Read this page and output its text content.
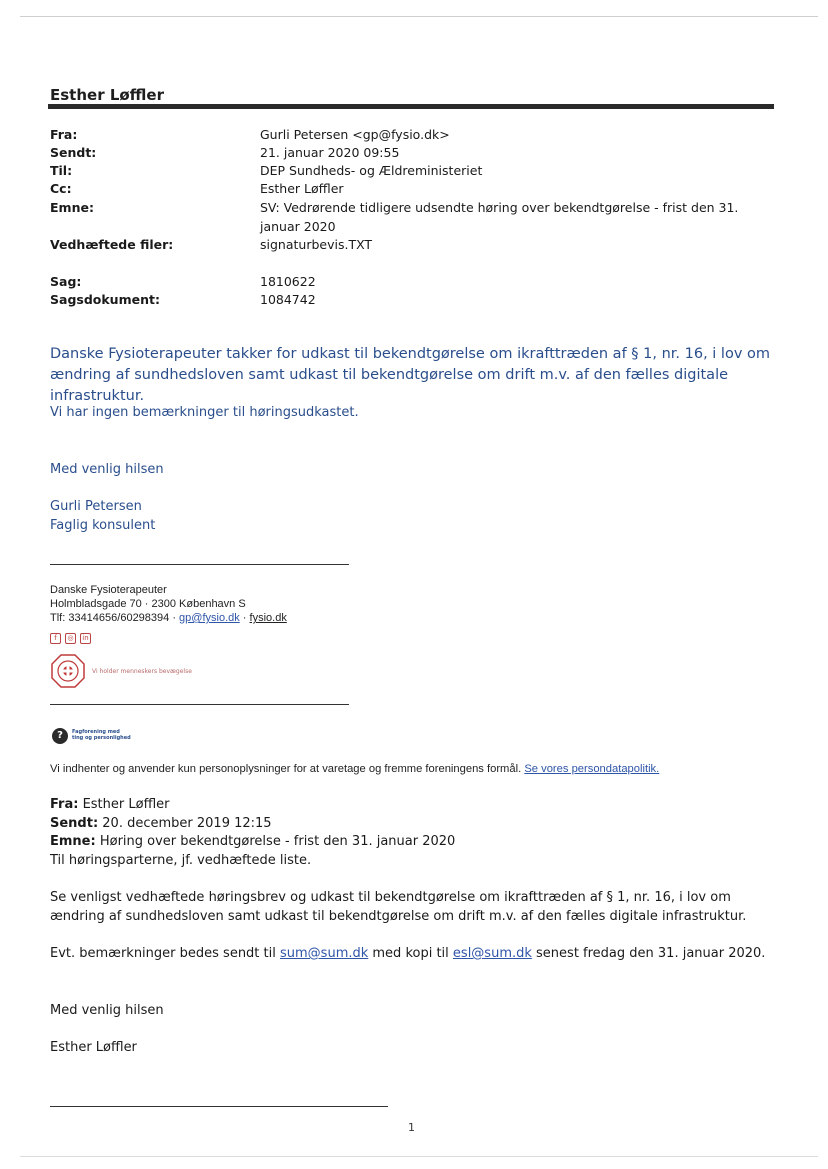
Esther Løffler
Fra:	Gurli Petersen <gp@fysio.dk>
Sendt:	21. januar 2020 09:55
Til:	DEP Sundheds- og Ældreministeriet
Cc:	Esther Løffler
Emne:	SV: Vedrørende tidligere udsendte høring over bekendtgørelse - frist den 31. januar 2020
Vedhæftede filer:	signaturbevis.TXT
Sag:	1810622
Sagsdokument:	1084742
Danske Fysioterapeuter takker for udkast til bekendtgørelse om ikrafttræden af § 1, nr. 16, i lov om ændring af sundhedsloven samt udkast til bekendtgørelse om drift m.v. af den fælles digitale infrastruktur.
Vi har ingen bemærkninger til høringsudkastet.
Med venlig hilsen
Gurli Petersen
Faglig konsulent
Danske Fysioterapeuter
Holmbladsgade 70 · 2300 København S
Tlf: 33414656/60298394 · gp@fysio.dk · fysio.dk
f ◎ in
Vi holder menneskers bevægelse
?	Fagforening med
ting og personlighed
Vi indhenter og anvender kun personoplysninger for at varetage og fremme foreningens formål. Se vores persondatapolitik.
Fra: Esther Løffler
Sendt: 20. december 2019 12:15
Emne: Høring over bekendtgørelse - frist den 31. januar 2020
Til høringsparterne, jf. vedhæftede liste.
Se venligst vedhæftede høringsbrev og udkast til bekendtgørelse om ikrafttræden af § 1, nr. 16, i lov om ændring af sundhedsloven samt udkast til bekendtgørelse om drift m.v. af den fælles digitale infrastruktur.
Evt. bemærkninger bedes sendt til sum@sum.dk med kopi til esl@sum.dk senest fredag den 31. januar 2020.
Med venlig hilsen
Esther Løffler
1
